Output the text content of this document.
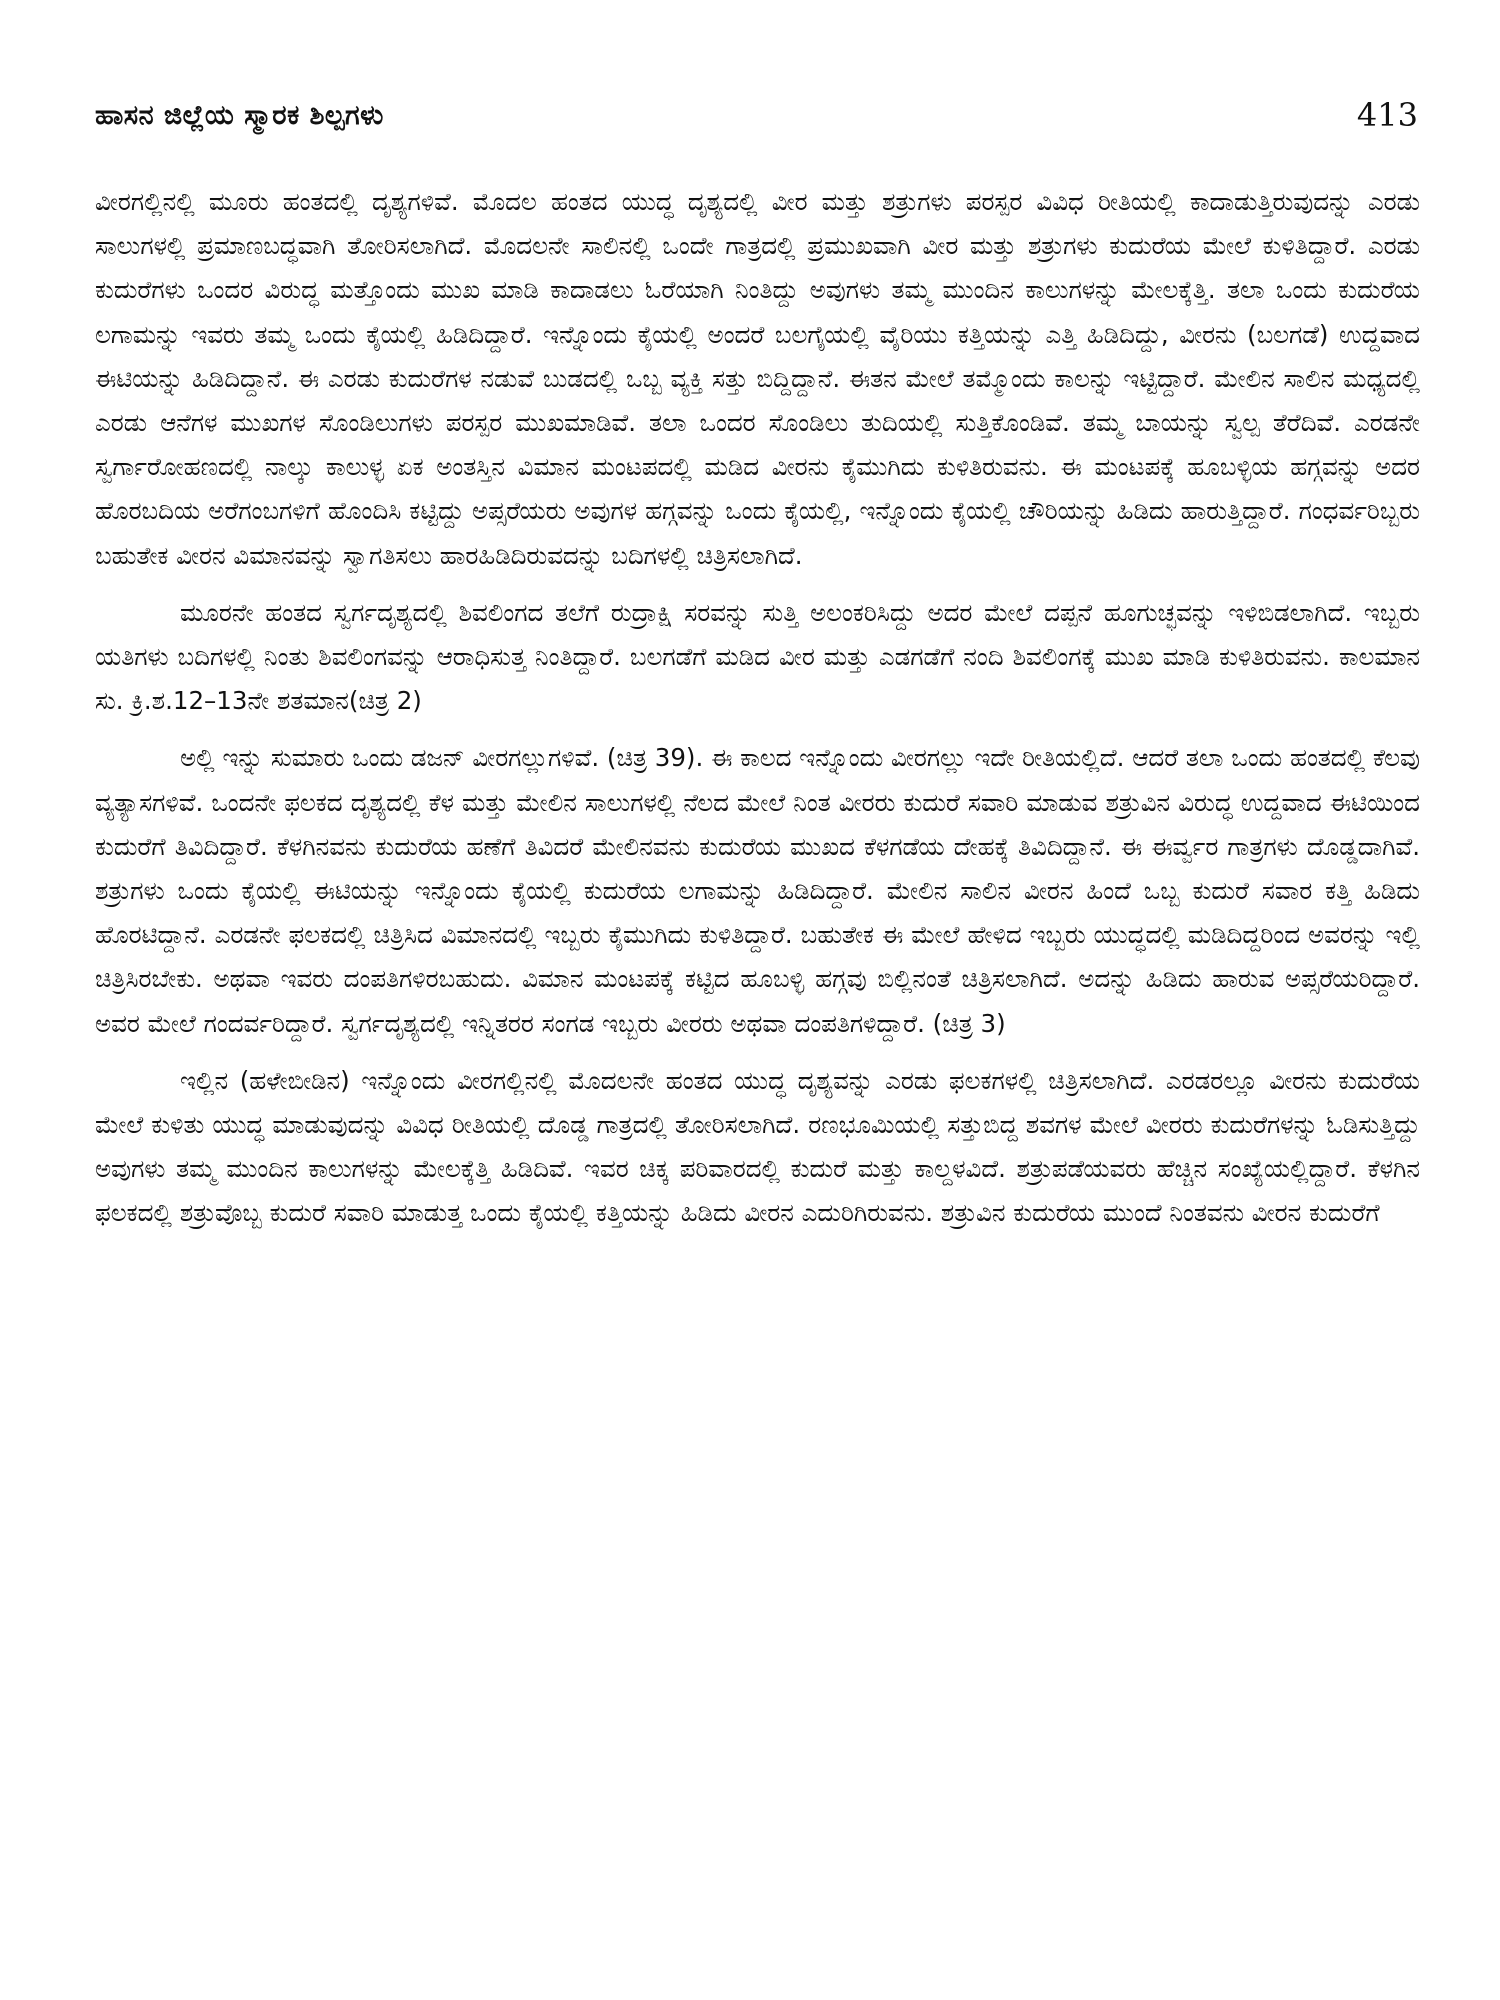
ಹಾಸನ ಜಿಲ್ಲೆಯ ಸ್ಮಾರಕ ಶಿಲ್ಪಗಳು	413

ವೀರಗಲ್ಲಿನಲ್ಲಿ ಮೂರು ಹಂತದಲ್ಲಿ ದೃಶ್ಯಗಳಿವೆ. ಮೊದಲ ಹಂತದ ಯುದ್ಧ ದೃಶ್ಯದಲ್ಲಿ ವೀರ ಮತ್ತು ಶತ್ರುಗಳು ಪರಸ್ಪರ ವಿವಿಧ ರೀತಿಯಲ್ಲಿ ಕಾದಾಡುತ್ತಿರುವುದನ್ನು ಎರಡು ಸಾಲುಗಳಲ್ಲಿ ಪ್ರಮಾಣಬದ್ಧವಾಗಿ ತೋರಿಸಲಾಗಿದೆ. ಮೊದಲನೇ ಸಾಲಿನಲ್ಲಿ ಒಂದೇ ಗಾತ್ರದಲ್ಲಿ ಪ್ರಮುಖವಾಗಿ ವೀರ ಮತ್ತು ಶತ್ರುಗಳು ಕುದುರೆಯ ಮೇಲೆ ಕುಳಿತಿದ್ದಾರೆ. ಎರಡು ಕುದುರೆಗಳು ಒಂದರ ವಿರುದ್ಧ ಮತ್ತೊಂದು ಮುಖ ಮಾಡಿ ಕಾದಾಡಲು ಓರೆಯಾಗಿ ನಿಂತಿದ್ದು ಅವುಗಳು ತಮ್ಮ ಮುಂದಿನ ಕಾಲುಗಳನ್ನು ಮೇಲಕ್ಕೆತ್ತಿ. ತಲಾ ಒಂದು ಕುದುರೆಯ ಲಗಾಮನ್ನು ಇವರು ತಮ್ಮ ಒಂದು ಕೈಯಲ್ಲಿ ಹಿಡಿದಿದ್ದಾರೆ. ಇನ್ನೊಂದು ಕೈಯಲ್ಲಿ ಅಂದರೆ ಬಲಗೈಯಲ್ಲಿ ವೈರಿಯು ಕತ್ತಿಯನ್ನು ಎತ್ತಿ ಹಿಡಿದಿದ್ದು, ವೀರನು (ಬಲಗಡೆ) ಉದ್ದವಾದ ಈಟಿಯನ್ನು ಹಿಡಿದಿದ್ದಾನೆ. ಈ ಎರಡು ಕುದುರೆಗಳ ನಡುವೆ ಬುಡದಲ್ಲಿ ಒಬ್ಬ ವ್ಯಕ್ತಿ ಸತ್ತು ಬಿದ್ದಿದ್ದಾನೆ. ಈತನ ಮೇಲೆ ತಮ್ಮೊಂದು ಕಾಲನ್ನು ಇಟ್ಟಿದ್ದಾರೆ. ಮೇಲಿನ ಸಾಲಿನ ಮಧ್ಯದಲ್ಲಿ ಎರಡು ಆನೆಗಳ ಮುಖಗಳ ಸೊಂಡಿಲುಗಳು ಪರಸ್ಪರ ಮುಖಮಾಡಿವೆ. ತಲಾ ಒಂದರ ಸೊಂಡಿಲು ತುದಿಯಲ್ಲಿ ಸುತ್ತಿಕೊಂಡಿವೆ. ತಮ್ಮ ಬಾಯನ್ನು ಸ್ವಲ್ಪ ತೆರೆದಿವೆ. ಎರಡನೇ ಸ್ವರ್ಗಾರೋಹಣದಲ್ಲಿ ನಾಲ್ಕು ಕಾಲುಳ್ಳ ಏಕ ಅಂತಸ್ತಿನ ವಿಮಾನ ಮಂಟಪದಲ್ಲಿ ಮಡಿದ ವೀರನು ಕೈಮುಗಿದು ಕುಳಿತಿರುವನು. ಈ ಮಂಟಪಕ್ಕೆ ಹೂಬಳ್ಳಿಯ ಹಗ್ಗವನ್ನು ಅದರ ಹೊರಬದಿಯ ಅರೆಗಂಬಗಳಿಗೆ ಹೊಂದಿಸಿ ಕಟ್ಟಿದ್ದು ಅಪ್ಸರೆಯರು ಅವುಗಳ ಹಗ್ಗವನ್ನು ಒಂದು ಕೈಯಲ್ಲಿ, ಇನ್ನೊಂದು ಕೈಯಲ್ಲಿ ಚೌರಿಯನ್ನು ಹಿಡಿದು ಹಾರುತ್ತಿದ್ದಾರೆ. ಗಂಧರ್ವರಿಬ್ಬರು ಬಹುತೇಕ ವೀರನ ವಿಮಾನವನ್ನು ಸ್ವಾಗತಿಸಲು ಹಾರಹಿಡಿದಿರುವದನ್ನು ಬದಿಗಳಲ್ಲಿ ಚಿತ್ರಿಸಲಾಗಿದೆ.

ಮೂರನೇ ಹಂತದ ಸ್ವರ್ಗದೃಶ್ಯದಲ್ಲಿ ಶಿವಲಿಂಗದ ತಲೆಗೆ ರುದ್ರಾಕ್ಷಿ ಸರವನ್ನು ಸುತ್ತಿ ಅಲಂಕರಿಸಿದ್ದು ಅದರ ಮೇಲೆ ದಪ್ಪನೆ ಹೂಗುಚ್ಛವನ್ನು ಇಳಿಬಿಡಲಾಗಿದೆ. ಇಬ್ಬರು ಯತಿಗಳು ಬದಿಗಳಲ್ಲಿ ನಿಂತು ಶಿವಲಿಂಗವನ್ನು ಆರಾಧಿಸುತ್ತ ನಿಂತಿದ್ದಾರೆ. ಬಲಗಡೆಗೆ ಮಡಿದ ವೀರ ಮತ್ತು ಎಡಗಡೆಗೆ ನಂದಿ ಶಿವಲಿಂಗಕ್ಕೆ ಮುಖ ಮಾಡಿ ಕುಳಿತಿರುವನು. ಕಾಲಮಾನ ಸು. ಕ್ರಿ.ಶ.12–13ನೇ ಶತಮಾನ(ಚಿತ್ರ 2)

ಅಲ್ಲಿ ಇನ್ನು ಸುಮಾರು ಒಂದು ಡಜನ್ ವೀರಗಲ್ಲುಗಳಿವೆ. (ಚಿತ್ರ 39). ಈ ಕಾಲದ ಇನ್ನೊಂದು ವೀರಗಲ್ಲು ಇದೇ ರೀತಿಯಲ್ಲಿದೆ. ಆದರೆ ತಲಾ ಒಂದು ಹಂತದಲ್ಲಿ ಕೆಲವು ವ್ಯತ್ಯಾಸಗಳಿವೆ. ಒಂದನೇ ಫಲಕದ ದೃಶ್ಯದಲ್ಲಿ ಕೆಳ ಮತ್ತು ಮೇಲಿನ ಸಾಲುಗಳಲ್ಲಿ ನೆಲದ ಮೇಲೆ ನಿಂತ ವೀರರು ಕುದುರೆ ಸವಾರಿ ಮಾಡುವ ಶತ್ರುವಿನ ವಿರುದ್ಧ ಉದ್ದವಾದ ಈಟಿಯಿಂದ ಕುದುರೆಗೆ ತಿವಿದಿದ್ದಾರೆ. ಕೆಳಗಿನವನು ಕುದುರೆಯ ಹಣೆಗೆ ತಿವಿದರೆ ಮೇಲಿನವನು ಕುದುರೆಯ ಮುಖದ ಕೆಳಗಡೆಯ ದೇಹಕ್ಕೆ ತಿವಿದಿದ್ದಾನೆ. ಈ ಈರ್ವ್ವರ ಗಾತ್ರಗಳು ದೊಡ್ಡದಾಗಿವೆ. ಶತ್ರುಗಳು ಒಂದು ಕೈಯಲ್ಲಿ ಈಟಿಯನ್ನು ಇನ್ನೊಂದು ಕೈಯಲ್ಲಿ ಕುದುರೆಯ ಲಗಾಮನ್ನು ಹಿಡಿದಿದ್ದಾರೆ. ಮೇಲಿನ ಸಾಲಿನ ವೀರನ ಹಿಂದೆ ಒಬ್ಬ ಕುದುರೆ ಸವಾರ ಕತ್ತಿ ಹಿಡಿದು ಹೊರಟಿದ್ದಾನೆ. ಎರಡನೇ ಫಲಕದಲ್ಲಿ ಚಿತ್ರಿಸಿದ ವಿಮಾನದಲ್ಲಿ ಇಬ್ಬರು ಕೈಮುಗಿದು ಕುಳಿತಿದ್ದಾರೆ. ಬಹುತೇಕ ಈ ಮೇಲೆ ಹೇಳಿದ ಇಬ್ಬರು ಯುದ್ಧದಲ್ಲಿ ಮಡಿದಿದ್ದರಿಂದ ಅವರನ್ನು ಇಲ್ಲಿ ಚಿತ್ರಿಸಿರಬೇಕು. ಅಥವಾ ಇವರು ದಂಪತಿಗಳಿರಬಹುದು. ವಿಮಾನ ಮಂಟಪಕ್ಕೆ ಕಟ್ಟಿದ ಹೂಬಳ್ಳಿ ಹಗ್ಗವು ಬಿಲ್ಲಿನಂತೆ ಚಿತ್ರಿಸಲಾಗಿದೆ. ಅದನ್ನು ಹಿಡಿದು ಹಾರುವ ಅಪ್ಸರೆಯರಿದ್ದಾರೆ. ಅವರ ಮೇಲೆ ಗಂದರ್ವರಿದ್ದಾರೆ. ಸ್ವರ್ಗದೃಶ್ಯದಲ್ಲಿ ಇನ್ನಿತರರ ಸಂಗಡ ಇಬ್ಬರು ವೀರರು ಅಥವಾ ದಂಪತಿಗಳಿದ್ದಾರೆ. (ಚಿತ್ರ 3)

ಇಲ್ಲಿನ (ಹಳೇಬೀಡಿನ) ಇನ್ನೊಂದು ವೀರಗಲ್ಲಿನಲ್ಲಿ ಮೊದಲನೇ ಹಂತದ ಯುದ್ಧ ದೃಶ್ಯವನ್ನು ಎರಡು ಫಲಕಗಳಲ್ಲಿ ಚಿತ್ರಿಸಲಾಗಿದೆ. ಎರಡರಲ್ಲೂ ವೀರನು ಕುದುರೆಯ ಮೇಲೆ ಕುಳಿತು ಯುದ್ಧ ಮಾಡುವುದನ್ನು ವಿವಿಧ ರೀತಿಯಲ್ಲಿ ದೊಡ್ಡ ಗಾತ್ರದಲ್ಲಿ ತೋರಿಸಲಾಗಿದೆ. ರಣಭೂಮಿಯಲ್ಲಿ ಸತ್ತುಬಿದ್ದ ಶವಗಳ ಮೇಲೆ ವೀರರು ಕುದುರೆಗಳನ್ನು ಓಡಿಸುತ್ತಿದ್ದು ಅವುಗಳು ತಮ್ಮ ಮುಂದಿನ ಕಾಲುಗಳನ್ನು ಮೇಲಕ್ಕೆತ್ತಿ ಹಿಡಿದಿವೆ. ಇವರ ಚಿಕ್ಕ ಪರಿವಾರದಲ್ಲಿ ಕುದುರೆ ಮತ್ತು ಕಾಲ್ದಳವಿದೆ. ಶತ್ರುಪಡೆಯವರು ಹೆಚ್ಚಿನ ಸಂಖ್ಯೆಯಲ್ಲಿದ್ದಾರೆ. ಕೆಳಗಿನ ಫಲಕದಲ್ಲಿ ಶತ್ರುವೊಬ್ಬ ಕುದುರೆ ಸವಾರಿ ಮಾಡುತ್ತ ಒಂದು ಕೈಯಲ್ಲಿ ಕತ್ತಿಯನ್ನು ಹಿಡಿದು ವೀರನ ಎದುರಿಗಿರುವನು. ಶತ್ರುವಿನ ಕುದುರೆಯ ಮುಂದೆ ನಿಂತವನು ವೀರನ ಕುದುರೆಗೆ
